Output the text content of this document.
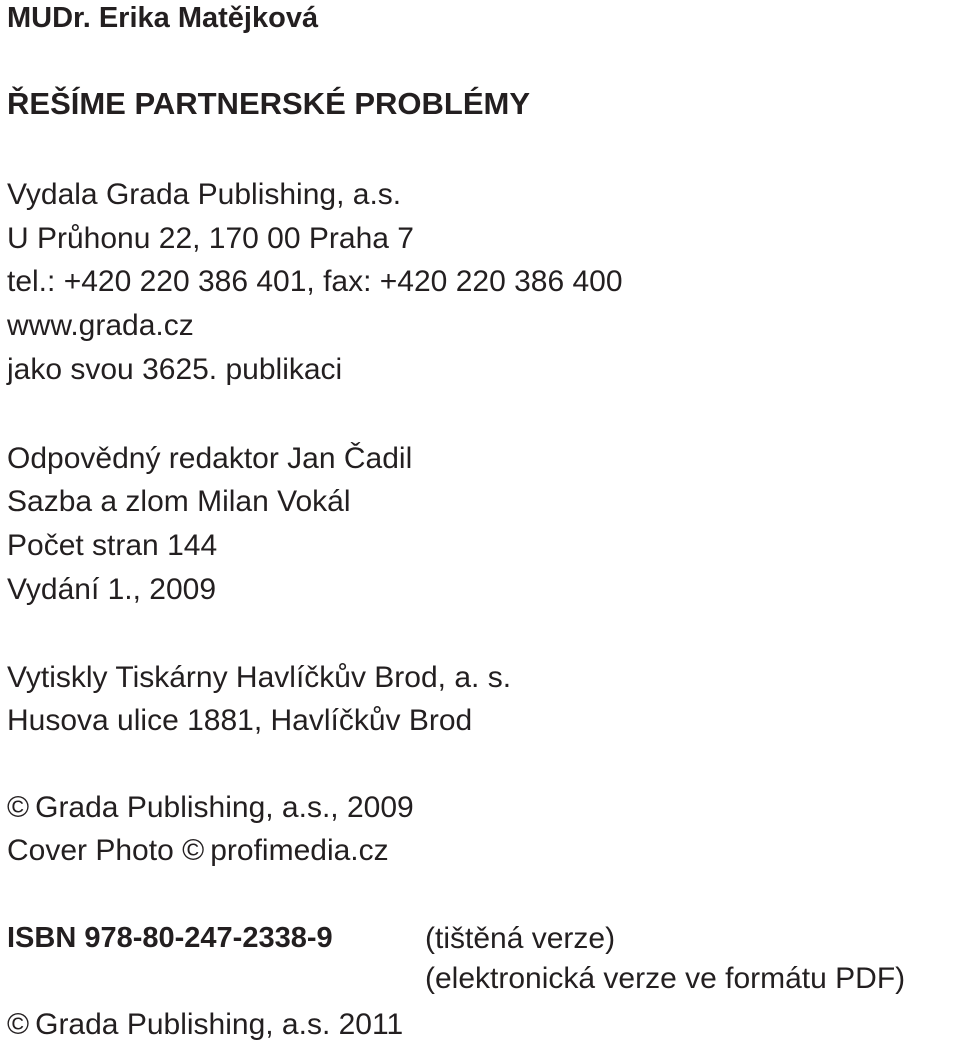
MUDr. Erika Matějková
ŘEŠÍME PARTNERSKÉ PROBLÉMY
Vydala Grada Publishing, a.s.
U Průhonu 22, 170 00 Praha 7
tel.: +420 220 386 401, fax: +420 220 386 400
www.grada.cz
jako svou 3625. publikaci
Odpovědný redaktor Jan Čadil
Sazba a zlom Milan Vokál
Počet stran 144
Vydání 1., 2009
Vytiskly Tiskárny Havlíčkův Brod, a. s.
Husova ulice 1881, Havlíčkův Brod
© Grada Publishing, a.s., 2009
Cover Photo © profimedia.cz
ISBN 978-80-247-2338-9	(tištěná verze)
(elektronická verze ve formátu PDF)
© Grada Publishing, a.s. 2011
